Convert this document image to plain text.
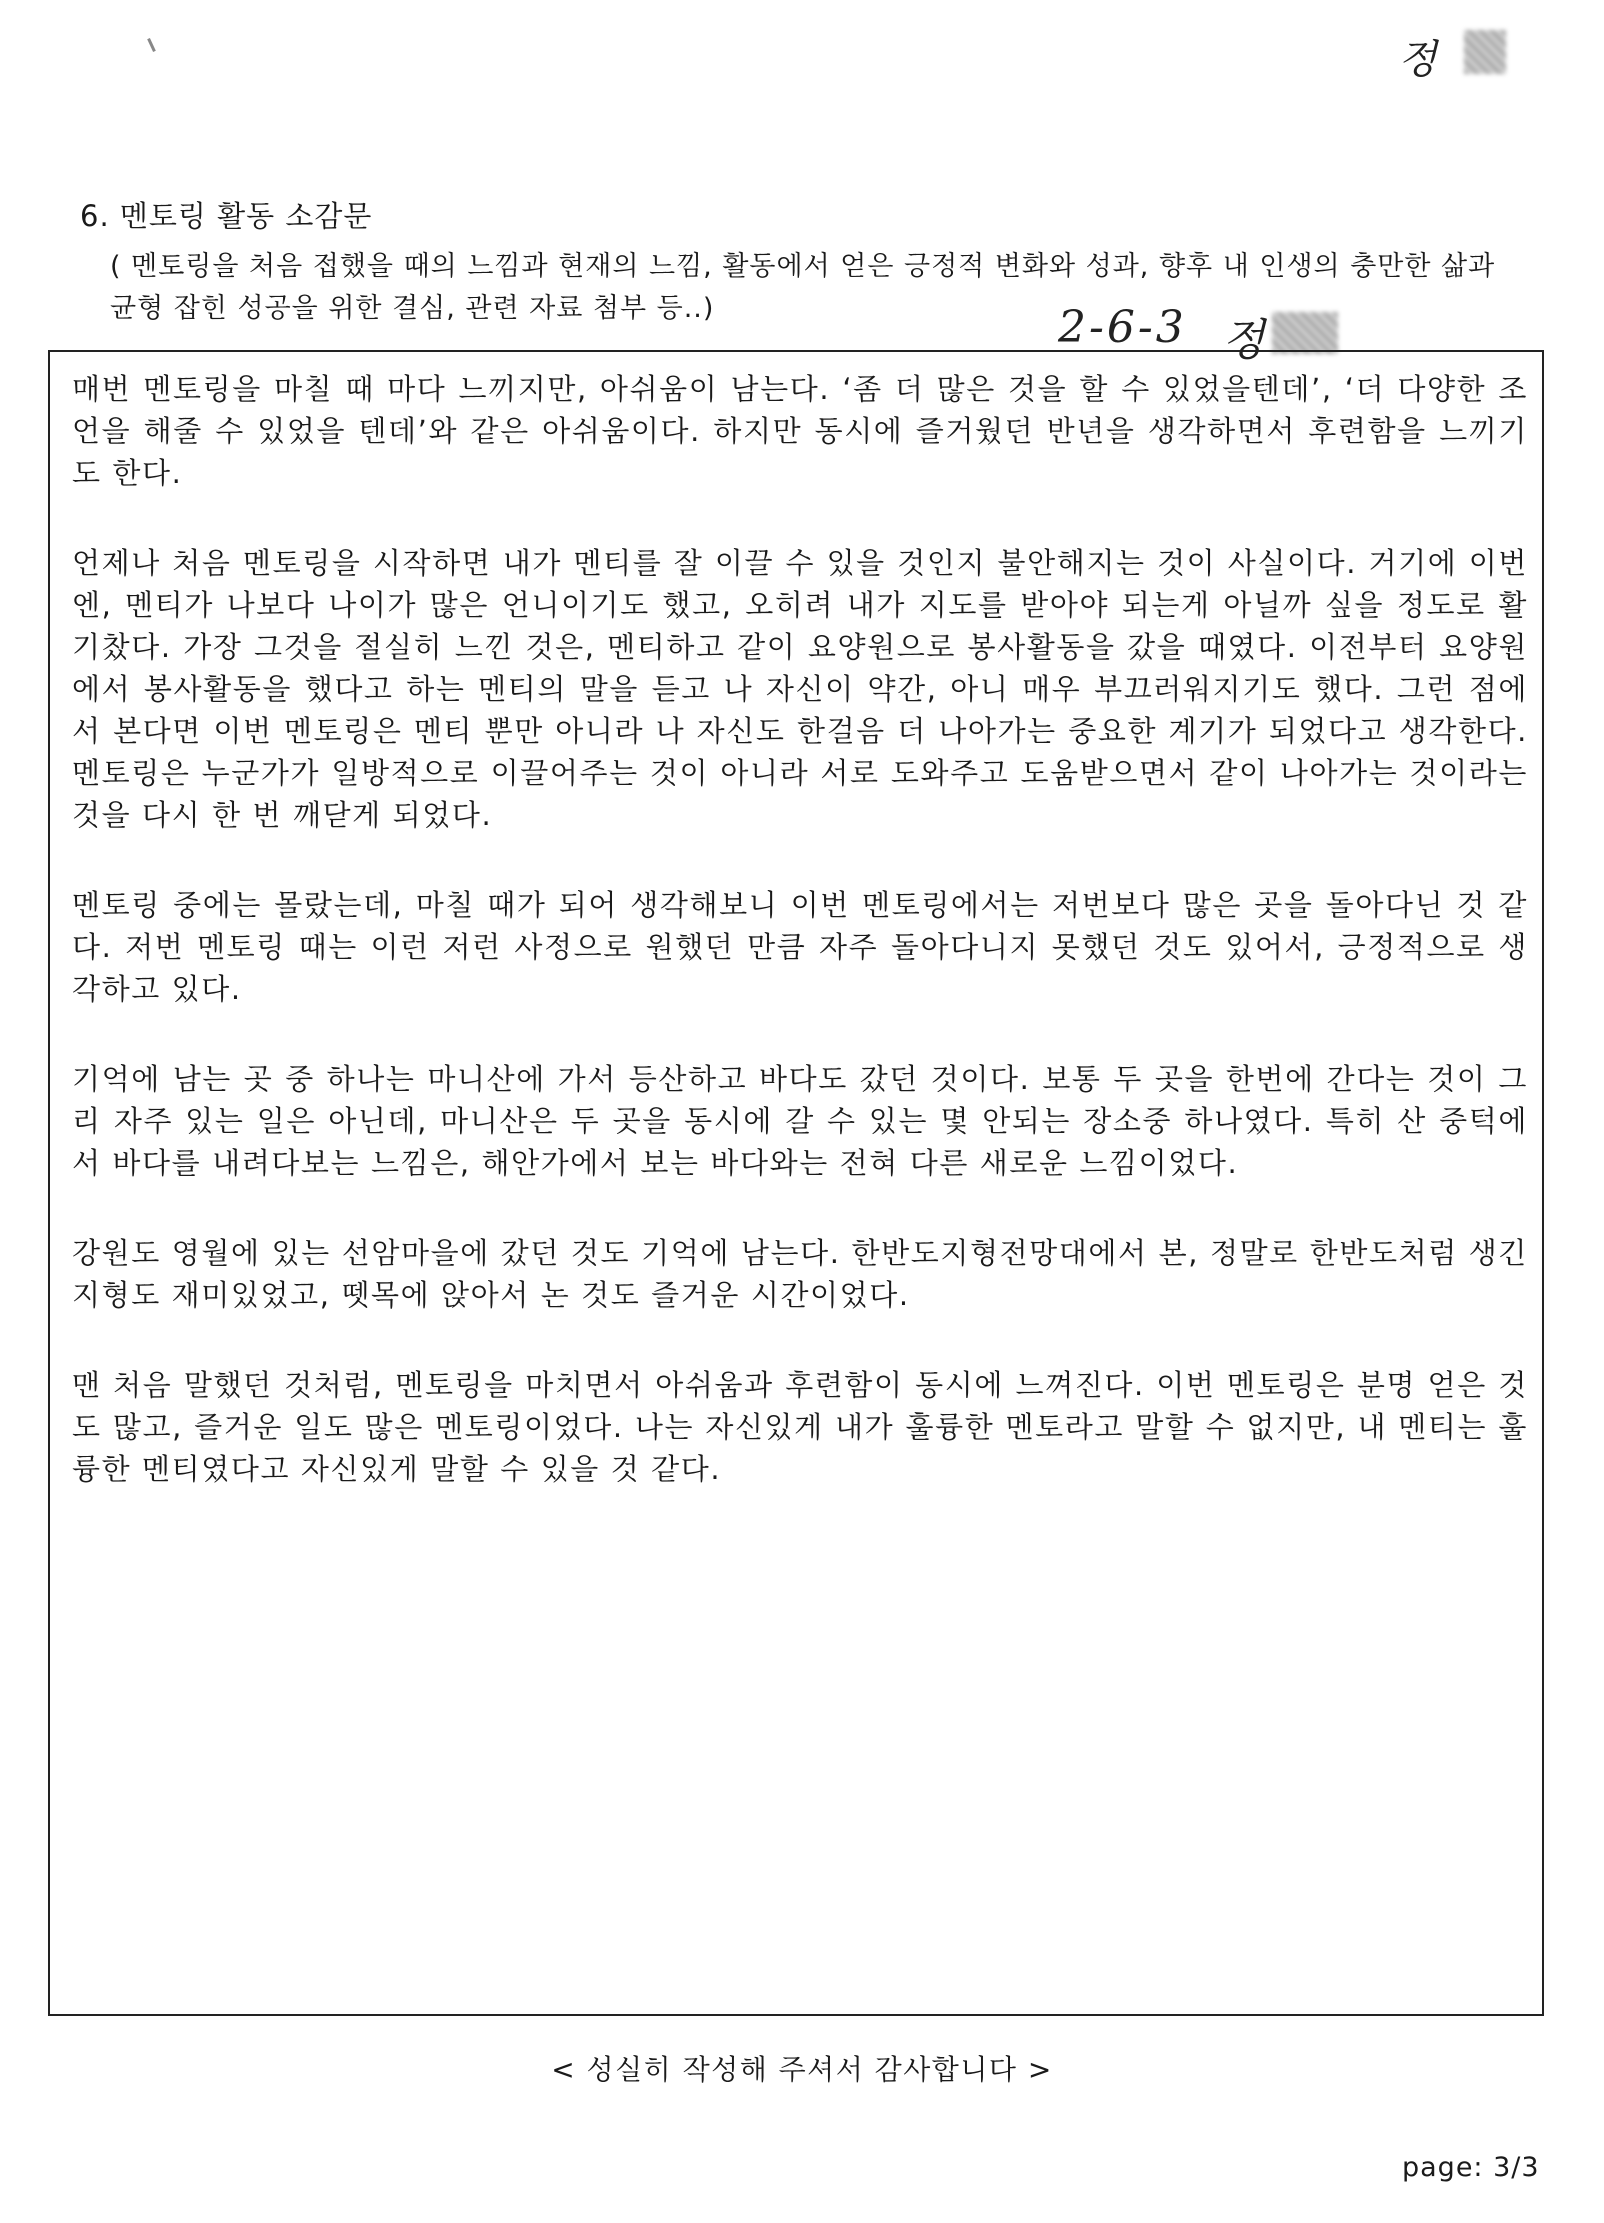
정
6. 멘토링 활동 소감문

( 멘토링을 처음 접했을 때의 느낌과 현재의 느낌, 활동에서 얻은 긍정적 변화와 성과, 향후 내 인생의 충만한 삶과 균형 잡힌 성공을 위한 결심, 관련 자료 첨부 등..)	2-6-3 정

매번 멘토링을 마칠 때 마다 느끼지만, 아쉬움이 남는다. ‘좀 더 많은 것을 할 수 있었을텐데’, ‘더 다양한 조언을 해줄 수 있었을 텐데’와 같은 아쉬움이다. 하지만 동시에 즐거웠던 반년을 생각하면서 후련함을 느끼기도 한다.

언제나 처음 멘토링을 시작하면 내가 멘티를 잘 이끌 수 있을 것인지 불안해지는 것이 사실이다. 거기에 이번엔, 멘티가 나보다 나이가 많은 언니이기도 했고, 오히려 내가 지도를 받아야 되는게 아닐까 싶을 정도로 활기찼다. 가장 그것을 절실히 느낀 것은, 멘티하고 같이 요양원으로 봉사활동을 갔을 때였다. 이전부터 요양원에서 봉사활동을 했다고 하는 멘티의 말을 듣고 나 자신이 약간, 아니 매우 부끄러워지기도 했다. 그런 점에서 본다면 이번 멘토링은 멘티 뿐만 아니라 나 자신도 한걸음 더 나아가는 중요한 계기가 되었다고 생각한다. 멘토링은 누군가가 일방적으로 이끌어주는 것이 아니라 서로 도와주고 도움받으면서 같이 나아가는 것이라는 것을 다시 한 번 깨닫게 되었다.

멘토링 중에는 몰랐는데, 마칠 때가 되어 생각해보니 이번 멘토링에서는 저번보다 많은 곳을 돌아다닌 것 같다. 저번 멘토링 때는 이런 저런 사정으로 원했던 만큼 자주 돌아다니지 못했던 것도 있어서, 긍정적으로 생각하고 있다.

기억에 남는 곳 중 하나는 마니산에 가서 등산하고 바다도 갔던 것이다. 보통 두 곳을 한번에 간다는 것이 그리 자주 있는 일은 아닌데, 마니산은 두 곳을 동시에 갈 수 있는 몇 안되는 장소중 하나였다. 특히 산 중턱에서 바다를 내려다보는 느낌은, 해안가에서 보는 바다와는 전혀 다른 새로운 느낌이었다.

강원도 영월에 있는 선암마을에 갔던 것도 기억에 남는다. 한반도지형전망대에서 본, 정말로 한반도처럼 생긴 지형도 재미있었고, 뗏목에 앉아서 논 것도 즐거운 시간이었다.

맨 처음 말했던 것처럼, 멘토링을 마치면서 아쉬움과 후련함이 동시에 느껴진다. 이번 멘토링은 분명 얻은 것도 많고, 즐거운 일도 많은 멘토링이었다. 나는 자신있게 내가 훌륭한 멘토라고 말할 수 없지만, 내 멘티는 훌륭한 멘티였다고 자신있게 말할 수 있을 것 같다.

< 성실히 작성해 주셔서 감사합니다 >
page: 3/3
